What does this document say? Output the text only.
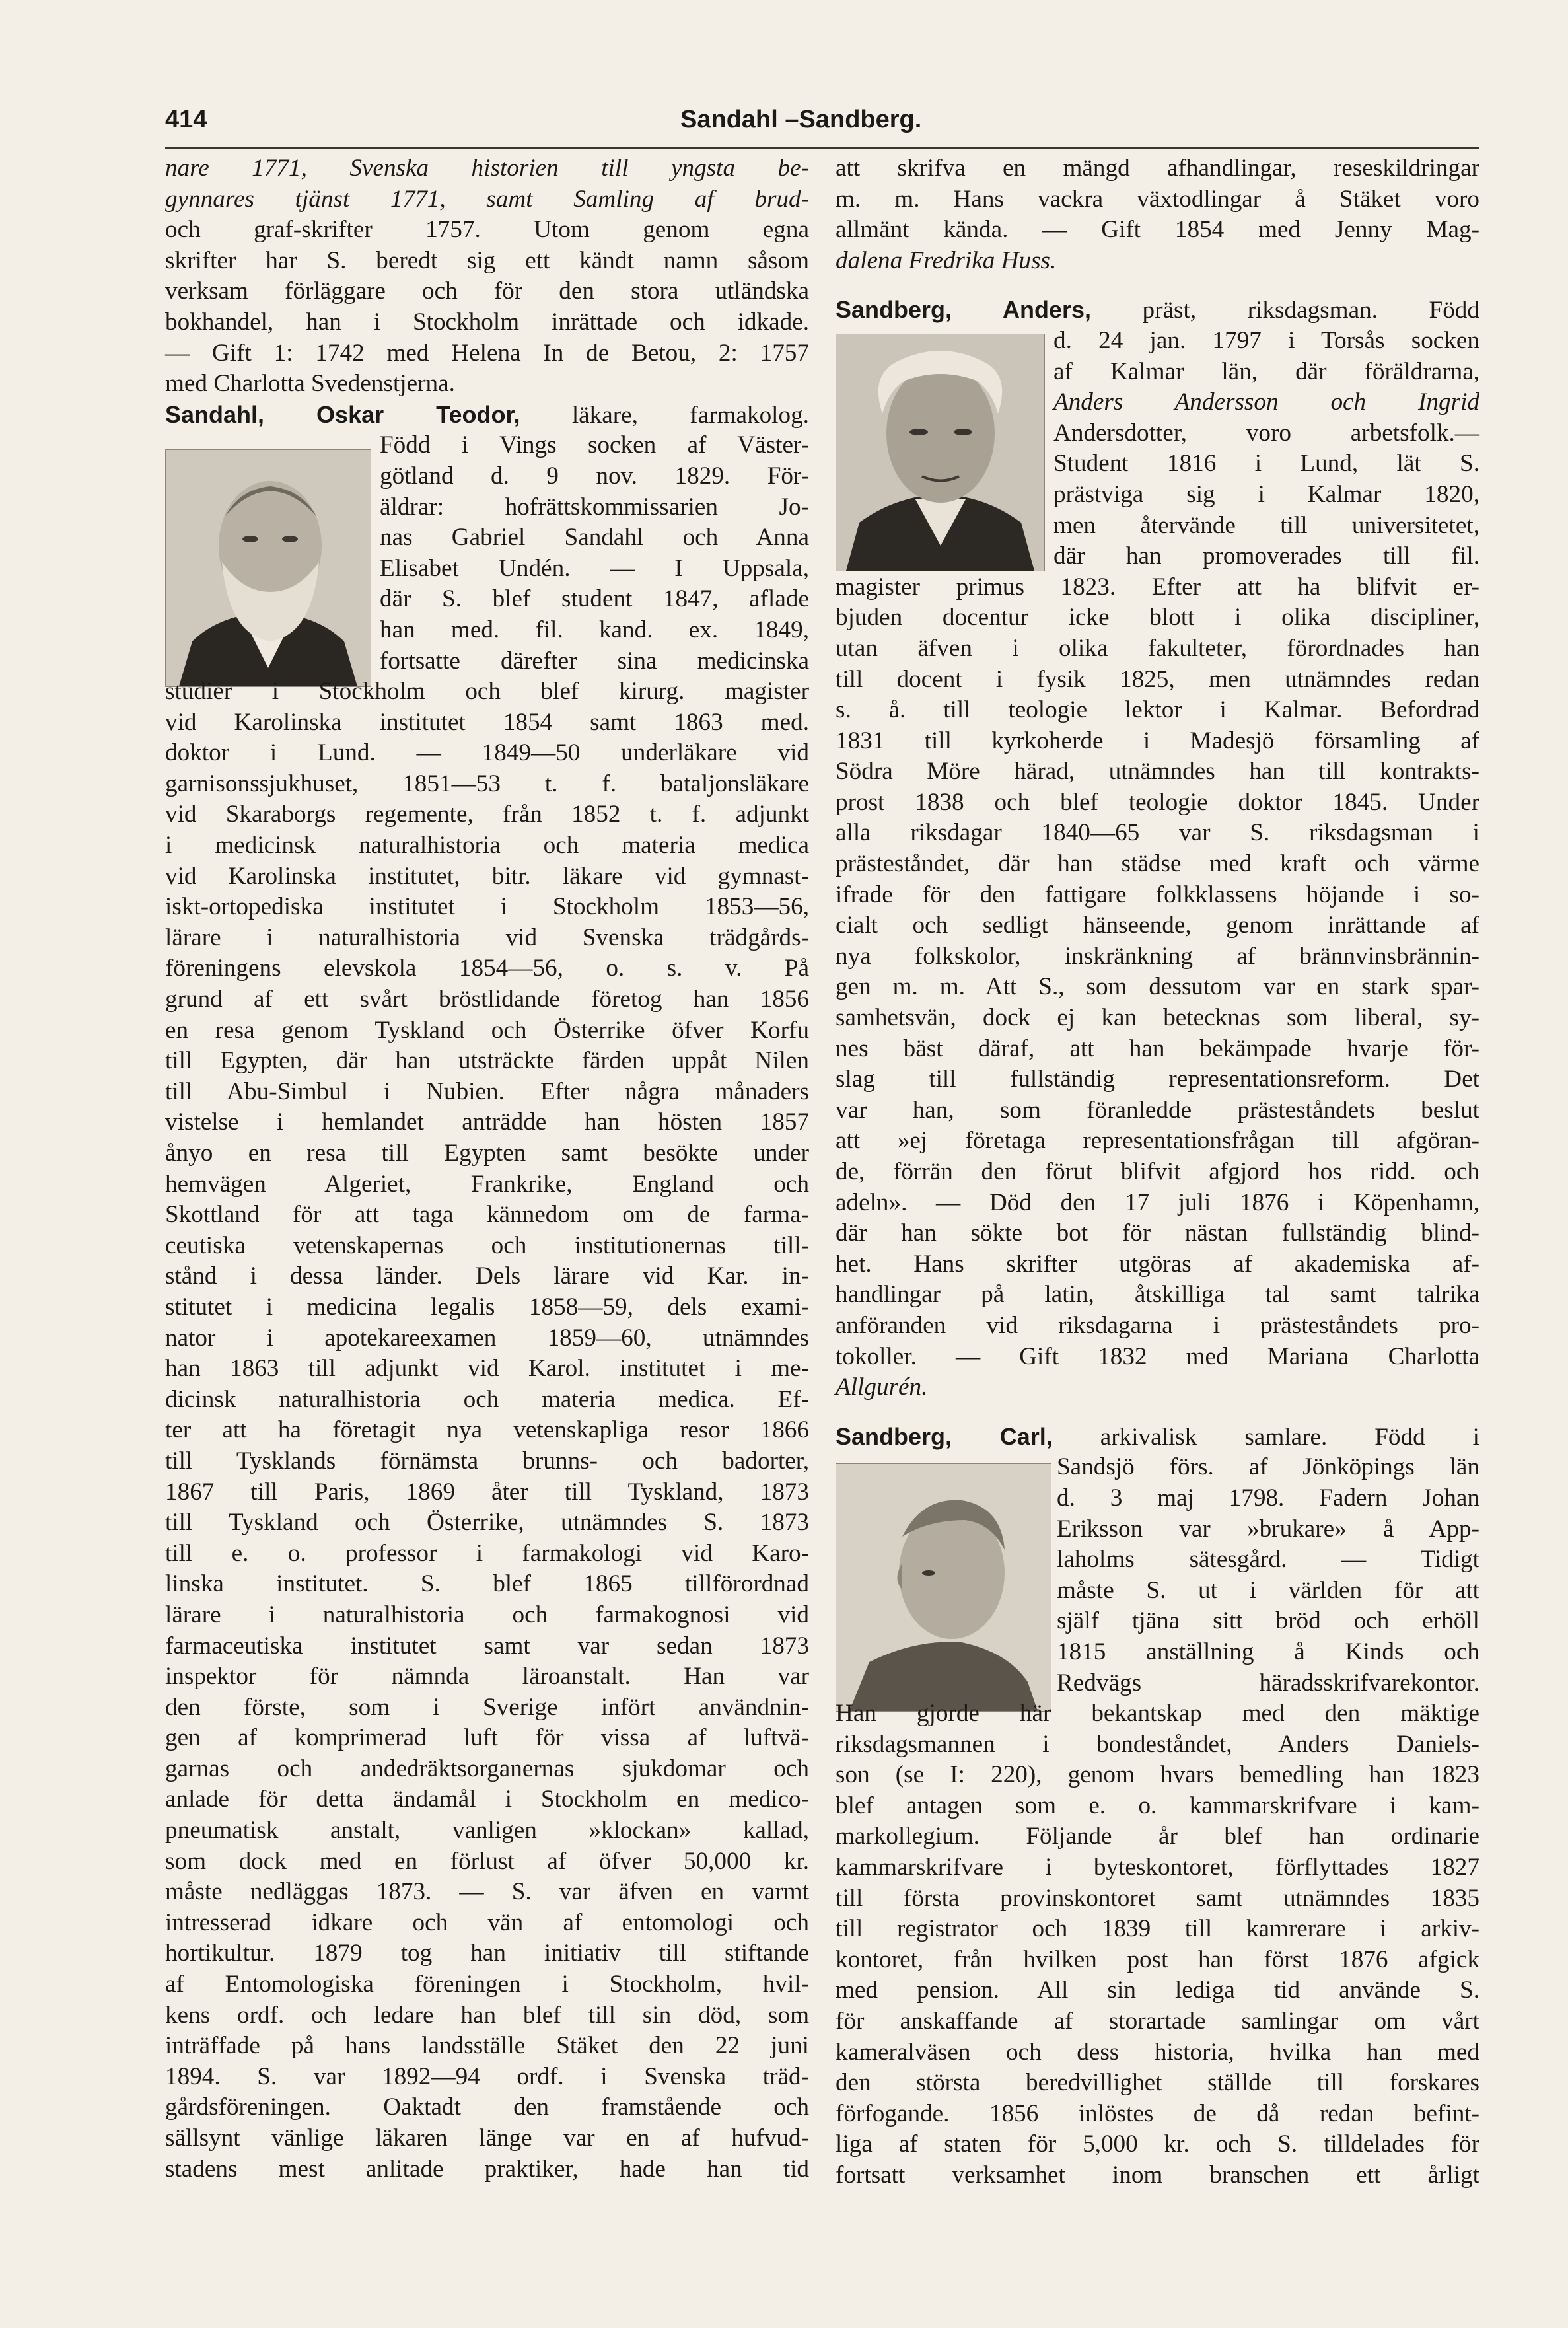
414	Sandahl –Sandberg.
nare 1771, Svenska historien till yngsta be-
gynnares tjänst 1771, samt Samling af brud-
och graf-skrifter 1757. Utom genom egna
skrifter har S. beredt sig ett kändt namn såsom
verksam förläggare och för den stora utländska
bokhandel, han i Stockholm inrättade och idkade.
— Gift 1: 1742 med Helena In de Betou, 2: 1757
med Charlotta Svedenstjerna.
Sandahl, Oskar Teodor, läkare, farmakolog.
Född i Vings socken af Väster-
götland d. 9 nov. 1829. För-
äldrar: hofrättskommissarien Jo-
nas Gabriel Sandahl och Anna
Elisabet Undén. — I Uppsala,
där S. blef student 1847, aflade
han med. fil. kand. ex. 1849,
fortsatte därefter sina medicinska
studier i Stockholm och blef kirurg. magister
vid Karolinska institutet 1854 samt 1863 med.
doktor i Lund. — 1849—50 underläkare vid
garnisonssjukhuset, 1851—53 t. f. bataljonsläkare
vid Skaraborgs regemente, från 1852 t. f. adjunkt
i medicinsk naturalhistoria och materia medica
vid Karolinska institutet, bitr. läkare vid gymnast-
iskt-ortopediska institutet i Stockholm 1853—56,
lärare i naturalhistoria vid Svenska trädgårds-
föreningens elevskola 1854—56, o. s. v. På
grund af ett svårt bröstlidande företog han 1856
en resa genom Tyskland och Österrike öfver Korfu
till Egypten, där han utsträckte färden uppåt Nilen
till Abu-Simbul i Nubien. Efter några månaders
vistelse i hemlandet anträdde han hösten 1857
ånyo en resa till Egypten samt besökte under
hemvägen Algeriet, Frankrike, England och
Skottland för att taga kännedom om de farma-
ceutiska vetenskapernas och institutionernas till-
stånd i dessa länder. Dels lärare vid Kar. in-
stitutet i medicina legalis 1858—59, dels exami-
nator i apotekareexamen 1859—60, utnämndes
han 1863 till adjunkt vid Karol. institutet i me-
dicinsk naturalhistoria och materia medica. Ef-
ter att ha företagit nya vetenskapliga resor 1866
till Tysklands förnämsta brunns- och badorter,
1867 till Paris, 1869 åter till Tyskland, 1873
till Tyskland och Österrike, utnämndes S. 1873
till e. o. professor i farmakologi vid Karo-
linska institutet. S. blef 1865 tillförordnad
lärare i naturalhistoria och farmakognosi vid
farmaceutiska institutet samt var sedan 1873
inspektor för nämnda läroanstalt. Han var
den förste, som i Sverige infört användnin-
gen af komprimerad luft för vissa af luftvä-
garnas och andedräktsorganernas sjukdomar och
anlade för detta ändamål i Stockholm en medico-
pneumatisk anstalt, vanligen »klockan» kallad,
som dock med en förlust af öfver 50,000 kr.
måste nedläggas 1873. — S. var äfven en varmt
intresserad idkare och vän af entomologi och
hortikultur. 1879 tog han initiativ till stiftande
af Entomologiska föreningen i Stockholm, hvil-
kens ordf. och ledare han blef till sin död, som
inträffade på hans landsställe Stäket den 22 juni
1894. S. var 1892—94 ordf. i Svenska träd-
gårdsföreningen. Oaktadt den framstående och
sällsynt vänlige läkaren länge var en af hufvud-
stadens mest anlitade praktiker, hade han tid
att skrifva en mängd afhandlingar, reseskildringar
m. m. Hans vackra växtodlingar å Stäket voro
allmänt kända. — Gift 1854 med Jenny Mag-
dalena Fredrika Huss.
Sandberg, Anders, präst, riksdagsman. Född
d. 24 jan. 1797 i Torsås socken
af Kalmar län, där föräldrarna,
Anders Andersson och Ingrid
Andersdotter, voro arbetsfolk.—
Student 1816 i Lund, lät S.
prästviga sig i Kalmar 1820,
men återvände till universitetet,
där han promoverades till fil.
magister primus 1823. Efter att ha blifvit er-
bjuden docentur icke blott i olika discipliner,
utan äfven i olika fakulteter, förordnades han
till docent i fysik 1825, men utnämndes redan
s. å. till teologie lektor i Kalmar. Befordrad
1831 till kyrkoherde i Madesjö församling af
Södra Möre härad, utnämndes han till kontrakts-
prost 1838 och blef teologie doktor 1845. Under
alla riksdagar 1840—65 var S. riksdagsman i
prästeståndet, där han städse med kraft och värme
ifrade för den fattigare folkklassens höjande i so-
cialt och sedligt hänseende, genom inrättande af
nya folkskolor, inskränkning af brännvinsbrännin-
gen m. m. Att S., som dessutom var en stark spar-
samhetsvän, dock ej kan betecknas som liberal, sy-
nes bäst däraf, att han bekämpade hvarje för-
slag till fullständig representationsreform. Det
var han, som föranledde prästeståndets beslut
att »ej företaga representationsfrågan till afgöran-
de, förrän den förut blifvit afgjord hos ridd. och
adeln». — Död den 17 juli 1876 i Köpenhamn,
där han sökte bot för nästan fullständig blind-
het. Hans skrifter utgöras af akademiska af-
handlingar på latin, åtskilliga tal samt talrika
anföranden vid riksdagarna i prästeståndets pro-
tokoller. — Gift 1832 med Mariana Charlotta
Allgurén.
Sandberg, Carl, arkivalisk samlare. Född i
Sandsjö förs. af Jönköpings län
d. 3 maj 1798. Fadern Johan
Eriksson var »brukare» å App-
laholms sätesgård. — Tidigt
måste S. ut i världen för att
själf tjäna sitt bröd och erhöll
1815 anställning å Kinds och
Redvägs häradsskrifvarekontor.
Han gjorde här bekantskap med den mäktige
riksdagsmannen i bondeståndet, Anders Daniels-
son (se I: 220), genom hvars bemedling han 1823
blef antagen som e. o. kammarskrifvare i kam-
markollegium. Följande år blef han ordinarie
kammarskrifvare i byteskontoret, förflyttades 1827
till första provinskontoret samt utnämndes 1835
till registrator och 1839 till kamrerare i arkiv-
kontoret, från hvilken post han först 1876 afgick
med pension. All sin lediga tid använde S.
för anskaffande af storartade samlingar om vårt
kameralväsen och dess historia, hvilka han med
den största beredvillighet ställde till forskares
förfogande. 1856 inlöstes de då redan befint-
liga af staten för 5,000 kr. och S. tilldelades för
fortsatt verksamhet inom branschen ett årligt
